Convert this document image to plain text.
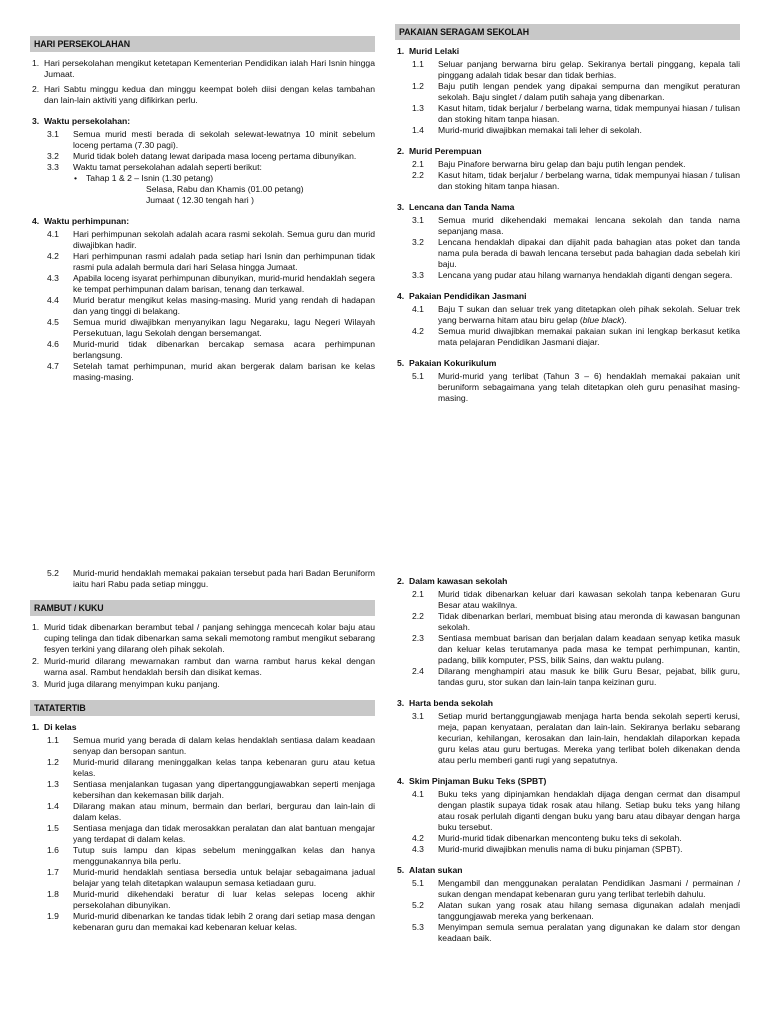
HARI PERSEKOLAHAN
1. Hari persekolahan mengikut ketetapan Kementerian Pendidikan ialah Hari Isnin hingga Jumaat.
2. Hari Sabtu minggu kedua dan minggu keempat boleh diisi dengan kelas tambahan dan lain-lain aktiviti yang difikirkan perlu.
3. Waktu persekolahan:
3.1 Semua murid mesti berada di sekolah selewat-lewatnya 10 minit sebelum loceng pertama (7.30 pagi).
3.2 Murid tidak boleh datang lewat daripada masa loceng pertama dibunyikan.
3.3 Waktu tamat persekolahan adalah seperti berikut:
• Tahap 1 & 2 – Isnin (1.30 petang)
Selasa, Rabu dan Khamis (01.00 petang)
Jumaat ( 12.30 tengah hari )
4. Waktu perhimpunan:
4.1 Hari perhimpunan sekolah adalah acara rasmi sekolah. Semua guru dan murid diwajibkan hadir.
4.2 Hari perhimpunan rasmi adalah pada setiap hari Isnin dan perhimpunan tidak rasmi pula adalah bermula dari hari Selasa hingga Jumaat.
4.3 Apabila loceng isyarat perhimpunan dibunyikan, murid-murid hendaklah segera ke tempat perhimpunan dalam barisan, tenang dan terkawal.
4.4 Murid beratur mengikut kelas masing-masing. Murid yang rendah di hadapan dan yang tinggi di belakang.
4.5 Semua murid diwajibkan menyanyikan lagu Negaraku, lagu Negeri Wilayah Persekutuan, lagu Sekolah dengan bersemangat.
4.6 Murid-murid tidak dibenarkan bercakap semasa acara perhimpunan berlangsung.
4.7 Setelah tamat perhimpunan, murid akan bergerak dalam barisan ke kelas masing-masing.
PAKAIAN SERAGAM SEKOLAH
1. Murid Lelaki
1.1 Seluar panjang berwarna biru gelap. Sekiranya bertali pinggang, kepala tali pinggang adalah tidak besar dan tidak berhias.
1.2 Baju putih lengan pendek yang dipakai sempurna dan mengikut peraturan sekolah. Baju singlet / dalam putih sahaja yang dibenarkan.
1.3 Kasut hitam, tidak berjalur / berbelang warna, tidak mempunyai hiasan / tulisan dan stoking hitam tanpa hiasan.
1.4 Murid-murid diwajibkan memakai tali leher di sekolah.
2. Murid Perempuan
2.1 Baju Pinafore berwarna biru gelap dan baju putih lengan pendek.
2.2 Kasut hitam, tidak berjalur / berbelang warna, tidak mempunyai hiasan / tulisan dan stoking hitam tanpa hiasan.
3. Lencana dan Tanda Nama
3.1 Semua murid dikehendaki memakai lencana sekolah dan tanda nama sepanjang masa.
3.2 Lencana hendaklah dipakai dan dijahit pada bahagian atas poket dan tanda nama pula berada di bawah lencana tersebut pada bahagian dada sebelah kiri baju.
3.3 Lencana yang pudar atau hilang warnanya hendaklah diganti dengan segera.
4. Pakaian Pendidikan Jasmani
4.1 Baju T sukan dan seluar trek yang ditetapkan oleh pihak sekolah. Seluar trek yang berwarna hitam atau biru gelap (blue black).
4.2 Semua murid diwajibkan memakai pakaian sukan ini lengkap berkasut ketika mata pelajaran Pendidikan Jasmani diajar.
5. Pakaian Kokurikulum
5.1 Murid-murid yang terlibat (Tahun 3 – 6) hendaklah memakai pakaian unit beruniform sebagaimana yang telah ditetapkan oleh guru penasihat masing-masing.
5.2 Murid-murid hendaklah memakai pakaian tersebut pada hari Badan Beruniform iaitu hari Rabu pada setiap minggu.
RAMBUT / KUKU
1. Murid tidak dibenarkan berambut tebal / panjang sehingga mencecah kolar baju atau cuping telinga dan tidak dibenarkan sama sekali memotong rambut mengikut sebarang fesyen terkini yang dilarang oleh pihak sekolah.
2. Murid-murid dilarang mewarnakan rambut dan warna rambut harus kekal dengan warna asal. Rambut hendaklah bersih dan disikat kemas.
3. Murid juga dilarang menyimpan kuku panjang.
TATATERTIB
1. Di kelas
1.1 Semua murid yang berada di dalam kelas hendaklah sentiasa dalam keadaan senyap dan bersopan santun.
1.2 Murid-murid dilarang meninggalkan kelas tanpa kebenaran guru atau ketua kelas.
1.3 Sentiasa menjalankan tugasan yang dipertanggungjawabkan seperti menjaga kebersihan dan kekemasan bilik darjah.
1.4 Dilarang makan atau minum, bermain dan berlari, bergurau dan lain-lain di dalam kelas.
1.5 Sentiasa menjaga dan tidak merosakkan peralatan dan alat bantuan mengajar yang terdapat di dalam kelas.
1.6 Tutup suis lampu dan kipas sebelum meninggalkan kelas dan hanya menggunakannya bila perlu.
1.7 Murid-murid hendaklah sentiasa bersedia untuk belajar sebagaimana jadual belajar yang telah ditetapkan walaupun semasa ketiadaan guru.
1.8 Murid-murid dikehendaki beratur di luar kelas selepas loceng akhir persekolahan dibunyikan.
1.9 Murid-murid dibenarkan ke tandas tidak lebih 2 orang dari setiap masa dengan kebenaran guru dan memakai kad kebenaran keluar kelas.
2. Dalam kawasan sekolah
2.1 Murid tidak dibenarkan keluar dari kawasan sekolah tanpa kebenaran Guru Besar atau wakilnya.
2.2 Tidak dibenarkan berlari, membuat bising atau meronda di kawasan bangunan sekolah.
2.3 Sentiasa membuat barisan dan berjalan dalam keadaan senyap ketika masuk dan keluar kelas terutamanya pada masa ke tempat perhimpunan, kantin, padang, bilik komputer, PSS, bilik Sains, dan waktu pulang.
2.4 Dilarang menghampiri atau masuk ke bilik Guru Besar, pejabat, bilik guru, tandas guru, stor sukan dan lain-lain tanpa keizinan guru.
3. Harta benda sekolah
3.1 Setiap murid bertanggungjawab menjaga harta benda sekolah seperti kerusi, meja, papan kenyataan, peralatan dan lain-lain. Sekiranya berlaku sebarang kecurian, kehilangan, kerosakan dan lain-lain, hendaklah dilaporkan kepada guru kelas atau guru bertugas. Mereka yang terlibat boleh dikenakan denda atau perlu memberi ganti rugi yang sepatutnya.
4. Skim Pinjaman Buku Teks (SPBT)
4.1 Buku teks yang dipinjamkan hendaklah dijaga dengan cermat dan disampul dengan plastik supaya tidak rosak atau hilang. Setiap buku teks yang hilang atau rosak perlulah diganti dengan buku yang baru atau dibayar dengan harga buku tersebut.
4.2 Murid-murid tidak dibenarkan menconteng buku teks di sekolah.
4.3 Murid-murid diwajibkan menulis nama di buku pinjaman (SPBT).
5. Alatan sukan
5.1 Mengambil dan menggunakan peralatan Pendidikan Jasmani / permainan / sukan dengan mendapat kebenaran guru yang terlibat terlebih dahulu.
5.2 Alatan sukan yang rosak atau hilang semasa digunakan adalah menjadi tanggungjawab mereka yang berkenaan.
5.3 Menyimpan semula semua peralatan yang digunakan ke dalam stor dengan keadaan baik.
